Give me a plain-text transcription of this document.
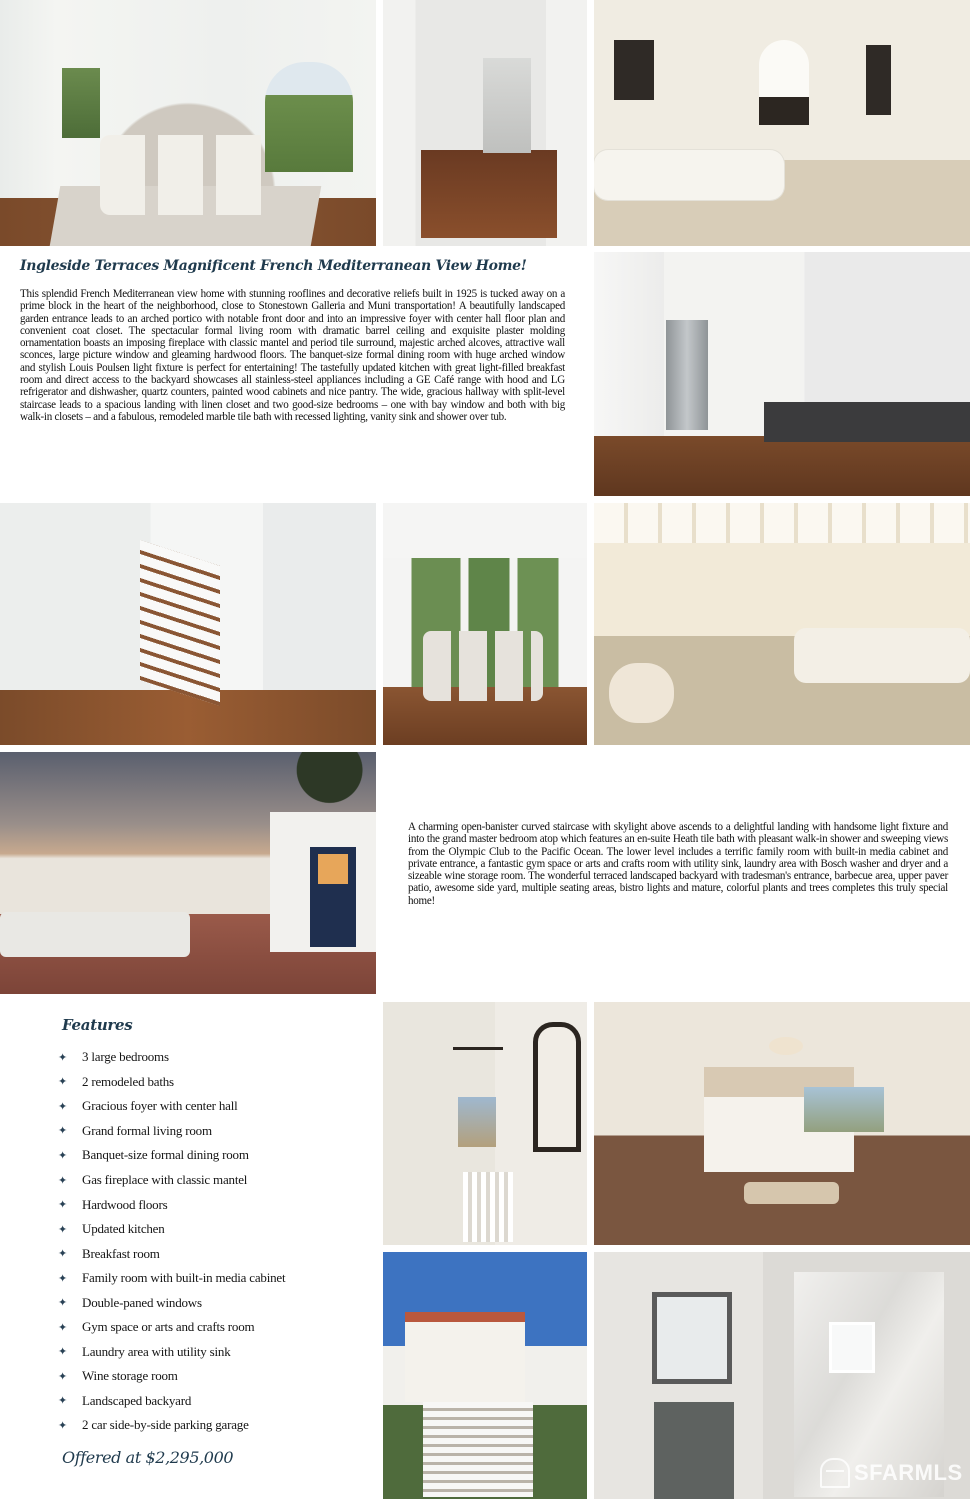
Ingleside Terraces Magnificent French Mediterranean View Home!
This splendid French Mediterranean view home with stunning rooflines and decorative reliefs built in 1925 is tucked away on a prime block in the heart of the neighborhood, close to Stonestown Galleria and Muni transportation! A beautifully landscaped garden entrance leads to an arched portico with notable front door and into an impressive foyer with center hall floor plan and convenient coat closet. The spectacular formal living room with dramatic barrel ceiling and exquisite plaster molding ornamentation boasts an imposing fireplace with classic mantel and period tile surround, majestic arched alcoves, attractive wall sconces, large picture window and gleaming hardwood floors. The banquet-size formal dining room with huge arched window and stylish Louis Poulsen light fixture is perfect for entertaining! The tastefully updated kitchen with great light-filled breakfast room and direct access to the backyard showcases all stainless-steel appliances including a GE Café range with hood and LG refrigerator and dishwasher, quartz counters, painted wood cabinets and nice pantry. The wide, gracious hallway with split-level staircase leads to a spacious landing with linen closet and two good-size bedrooms – one with bay window and both with big walk-in closets – and a fabulous, remodeled marble tile bath with recessed lighting, vanity sink and shower over tub.
A charming open-banister curved staircase with skylight above ascends to a delightful landing with handsome light fixture and into the grand master bedroom atop which features an en-suite Heath tile bath with pleasant walk-in shower and sweeping views from the Olympic Club to the Pacific Ocean. The lower level includes a terrific family room with built-in media cabinet and private entrance, a fantastic gym space or arts and crafts room with utility sink, laundry area with Bosch washer and dryer and a sizeable wine storage room. The wonderful terraced landscaped backyard with tradesman's entrance, barbecue area, upper paver patio, awesome side yard, multiple seating areas, bistro lights and mature, colorful plants and trees completes this truly special home!
Features
✦	3 large bedrooms
✦	2 remodeled baths
✦	Gracious foyer with center hall
✦	Grand formal living room
✦	Banquet-size formal dining room
✦	Gas fireplace with classic mantel
✦	Hardwood floors
✦	Updated kitchen
✦	Breakfast room
✦	Family room with built-in media cabinet
✦	Double-paned windows
✦	Gym space or arts and crafts room
✦	Laundry area with utility sink
✦	Wine storage room
✦	Landscaped backyard
✦	2 car side-by-side parking garage
Offered at $2,295,000
SFARMLS
